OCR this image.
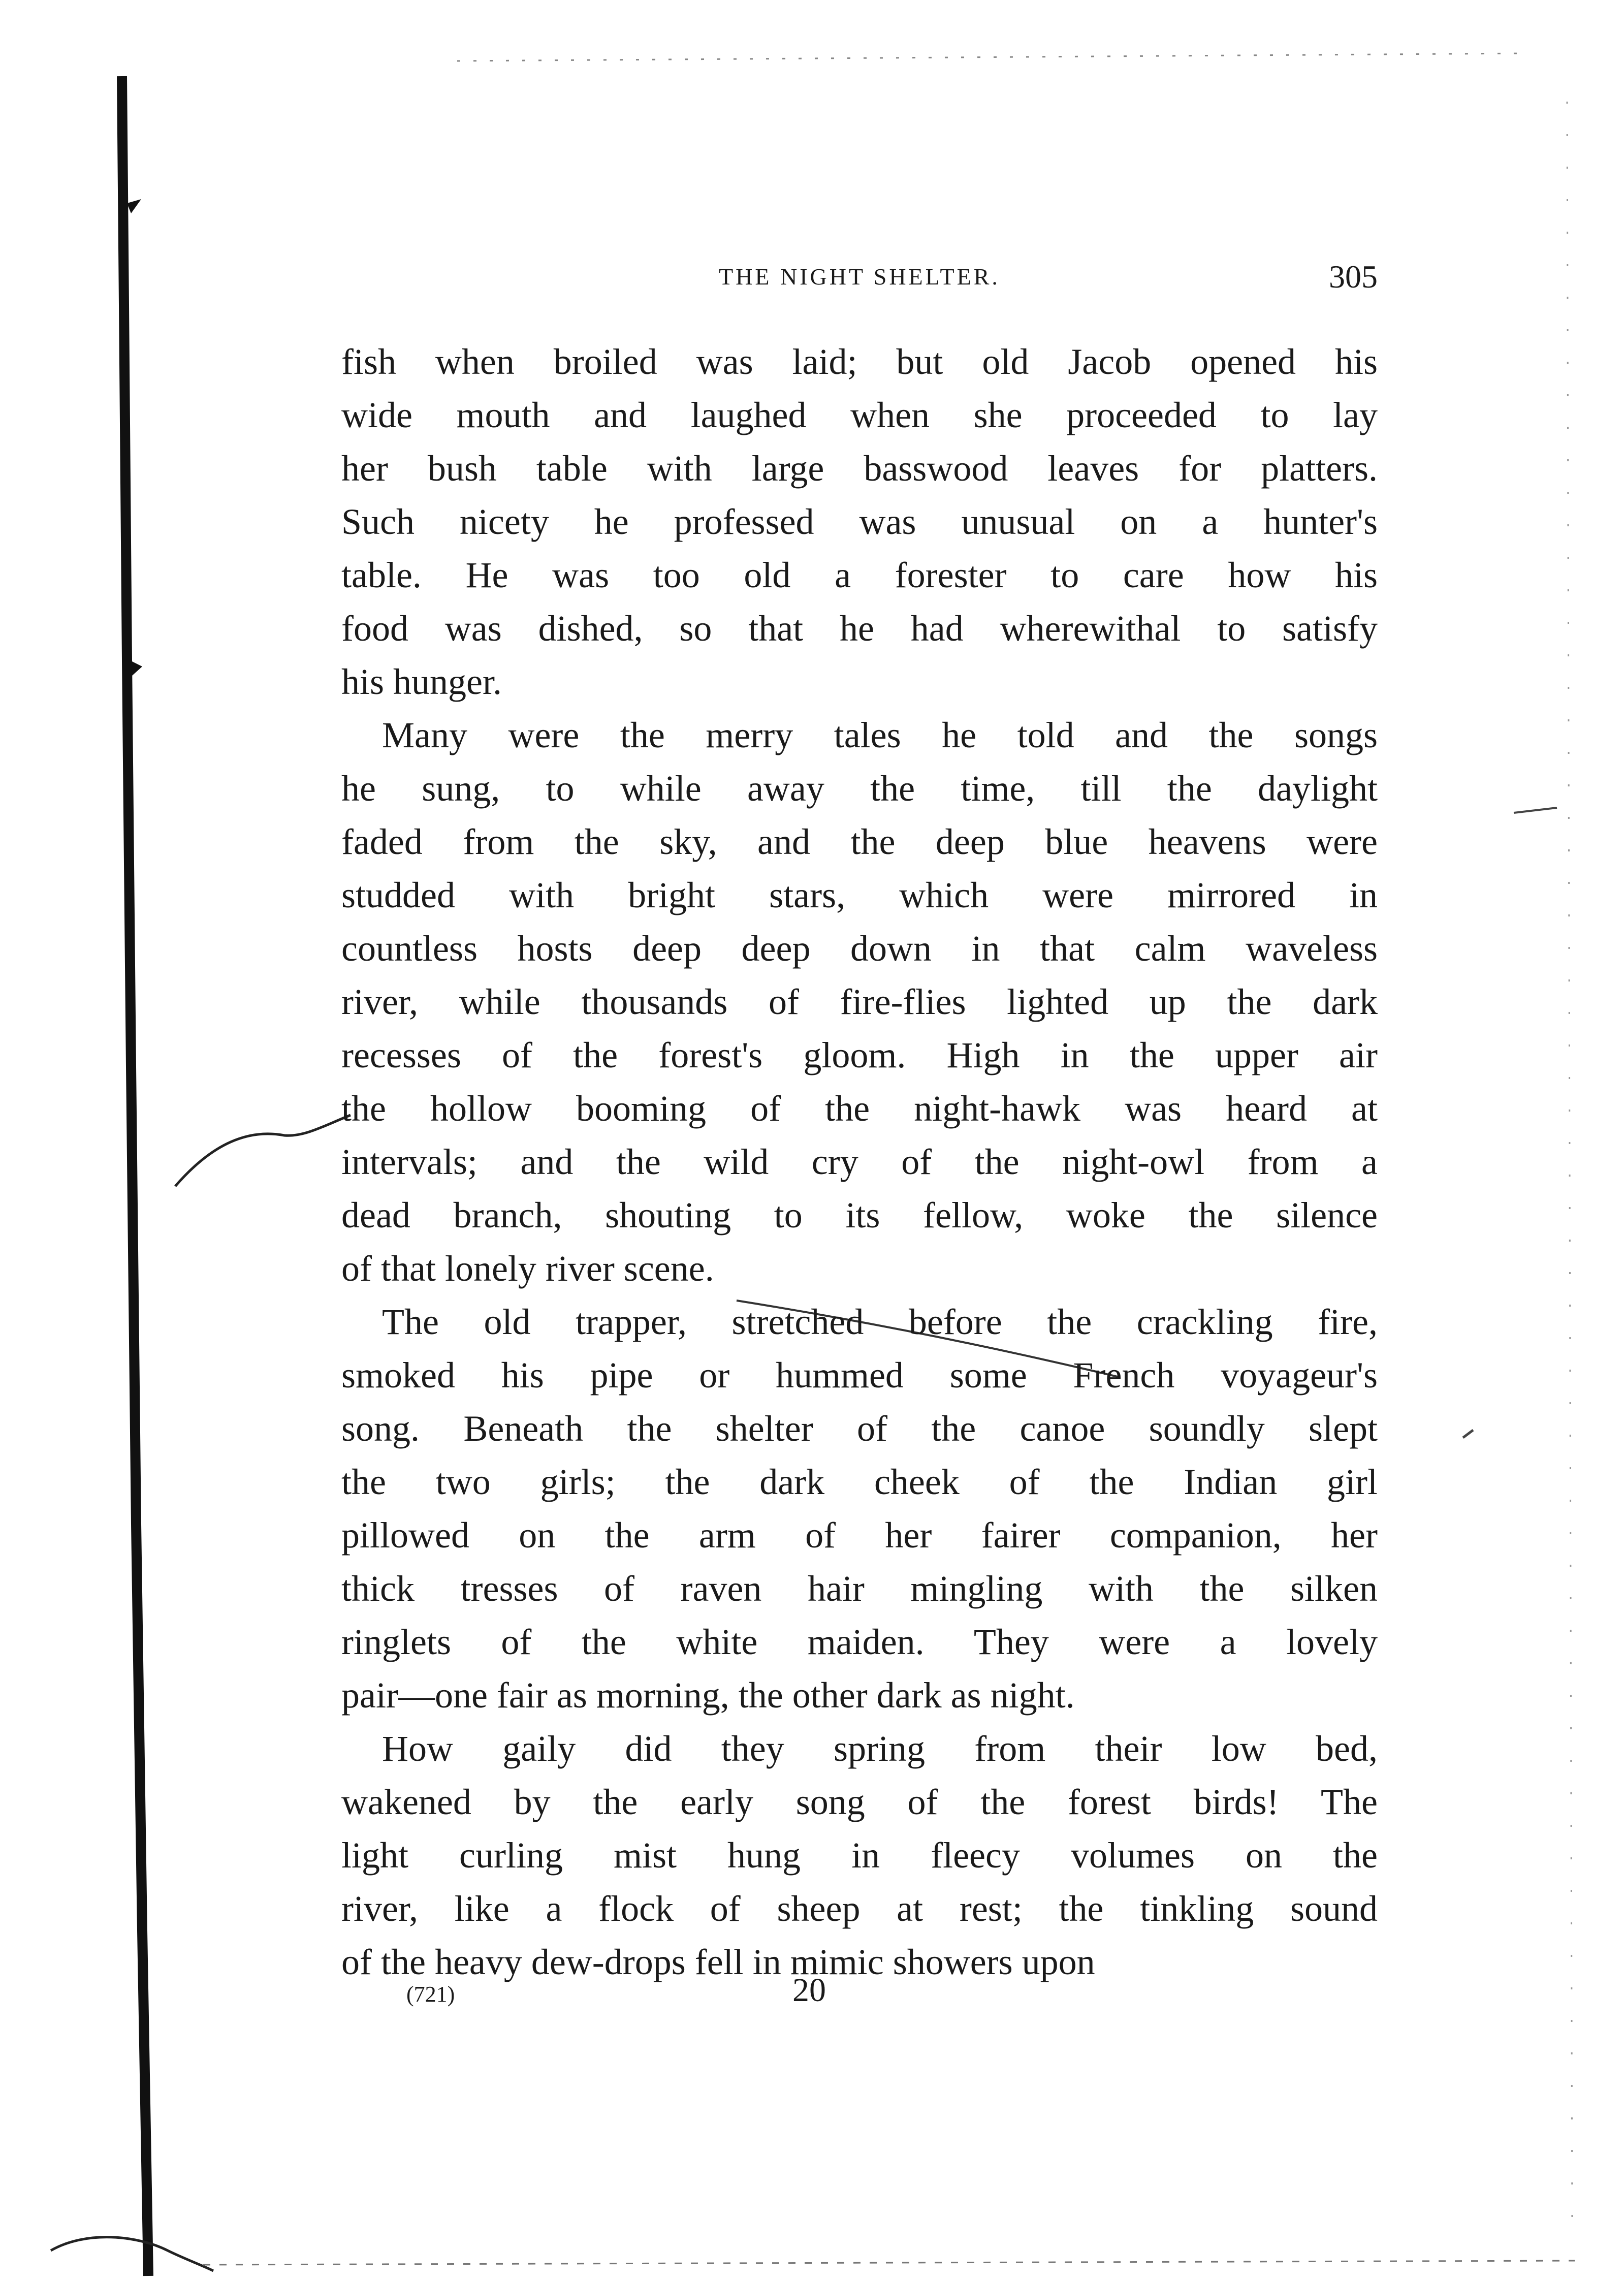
THE NIGHT SHELTER.	305
fish when broiled was laid; but old Jacob opened his
wide mouth and laughed when she proceeded to lay
her bush table with large basswood leaves for platters.
Such nicety he professed was unusual on a hunter's
table. He was too old a forester to care how his
food was dished, so that he had wherewithal to satisfy
his hunger.
Many were the merry tales he told and the songs
he sung, to while away the time, till the daylight
faded from the sky, and the deep blue heavens were
studded with bright stars, which were mirrored in
countless hosts deep deep down in that calm waveless
river, while thousands of fire-flies lighted up the dark
recesses of the forest's gloom. High in the upper air
the hollow booming of the night-hawk was heard at
intervals; and the wild cry of the night-owl from a
dead branch, shouting to its fellow, woke the silence
of that lonely river scene.
The old trapper, stretched before the crackling fire,
smoked his pipe or hummed some French voyageur's
song. Beneath the shelter of the canoe soundly slept
the two girls; the dark cheek of the Indian girl
pillowed on the arm of her fairer companion, her
thick tresses of raven hair mingling with the silken
ringlets of the white maiden. They were a lovely
pair—one fair as morning, the other dark as night.
How gaily did they spring from their low bed,
wakened by the early song of the forest birds! The
light curling mist hung in fleecy volumes on the
river, like a flock of sheep at rest; the tinkling sound
of the heavy dew-drops fell in mimic showers upon
(721)	20
